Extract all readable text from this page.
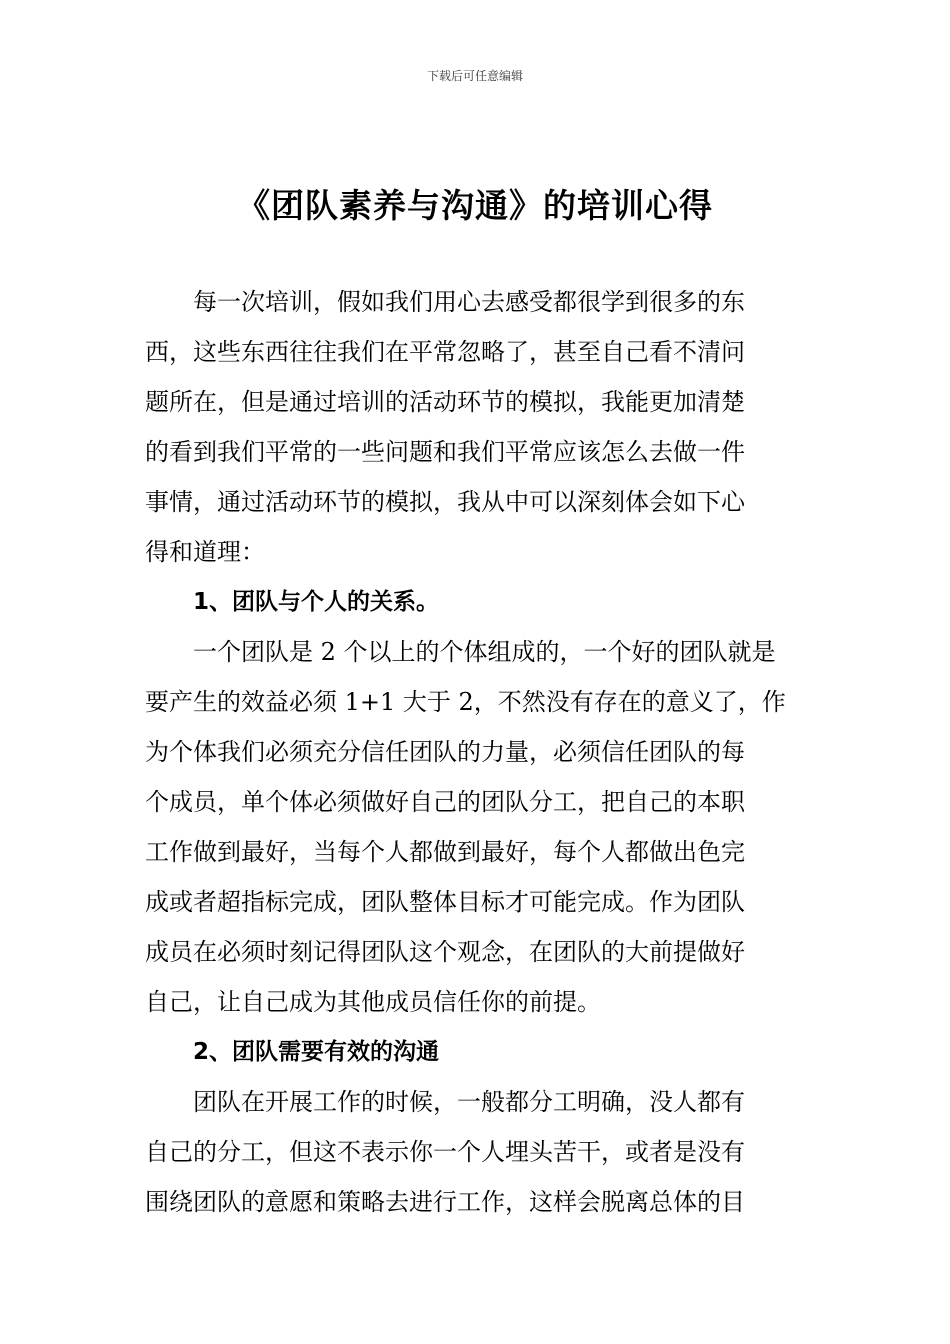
下载后可任意编辑
《团队素养与沟通》的培训心得
每一次培训，假如我们用心去感受都很学到很多的东
西，这些东西往往我们在平常忽略了，甚至自己看不清问
题所在，但是通过培训的活动环节的模拟，我能更加清楚
的看到我们平常的一些问题和我们平常应该怎么去做一件
事情，通过活动环节的模拟，我从中可以深刻体会如下心
得和道理：
1、团队与个人的关系。
一个团队是 2 个以上的个体组成的，一个好的团队就是
要产生的效益必须 1+1 大于 2，不然没有存在的意义了，作
为个体我们必须充分信任团队的力量，必须信任团队的每
个成员，单个体必须做好自己的团队分工，把自己的本职
工作做到最好，当每个人都做到最好，每个人都做出色完
成或者超指标完成，团队整体目标才可能完成。作为团队
成员在必须时刻记得团队这个观念，在团队的大前提做好
自己，让自己成为其他成员信任你的前提。
2、团队需要有效的沟通
团队在开展工作的时候，一般都分工明确，没人都有
自己的分工，但这不表示你一个人埋头苦干，或者是没有
围绕团队的意愿和策略去进行工作，这样会脱离总体的目
